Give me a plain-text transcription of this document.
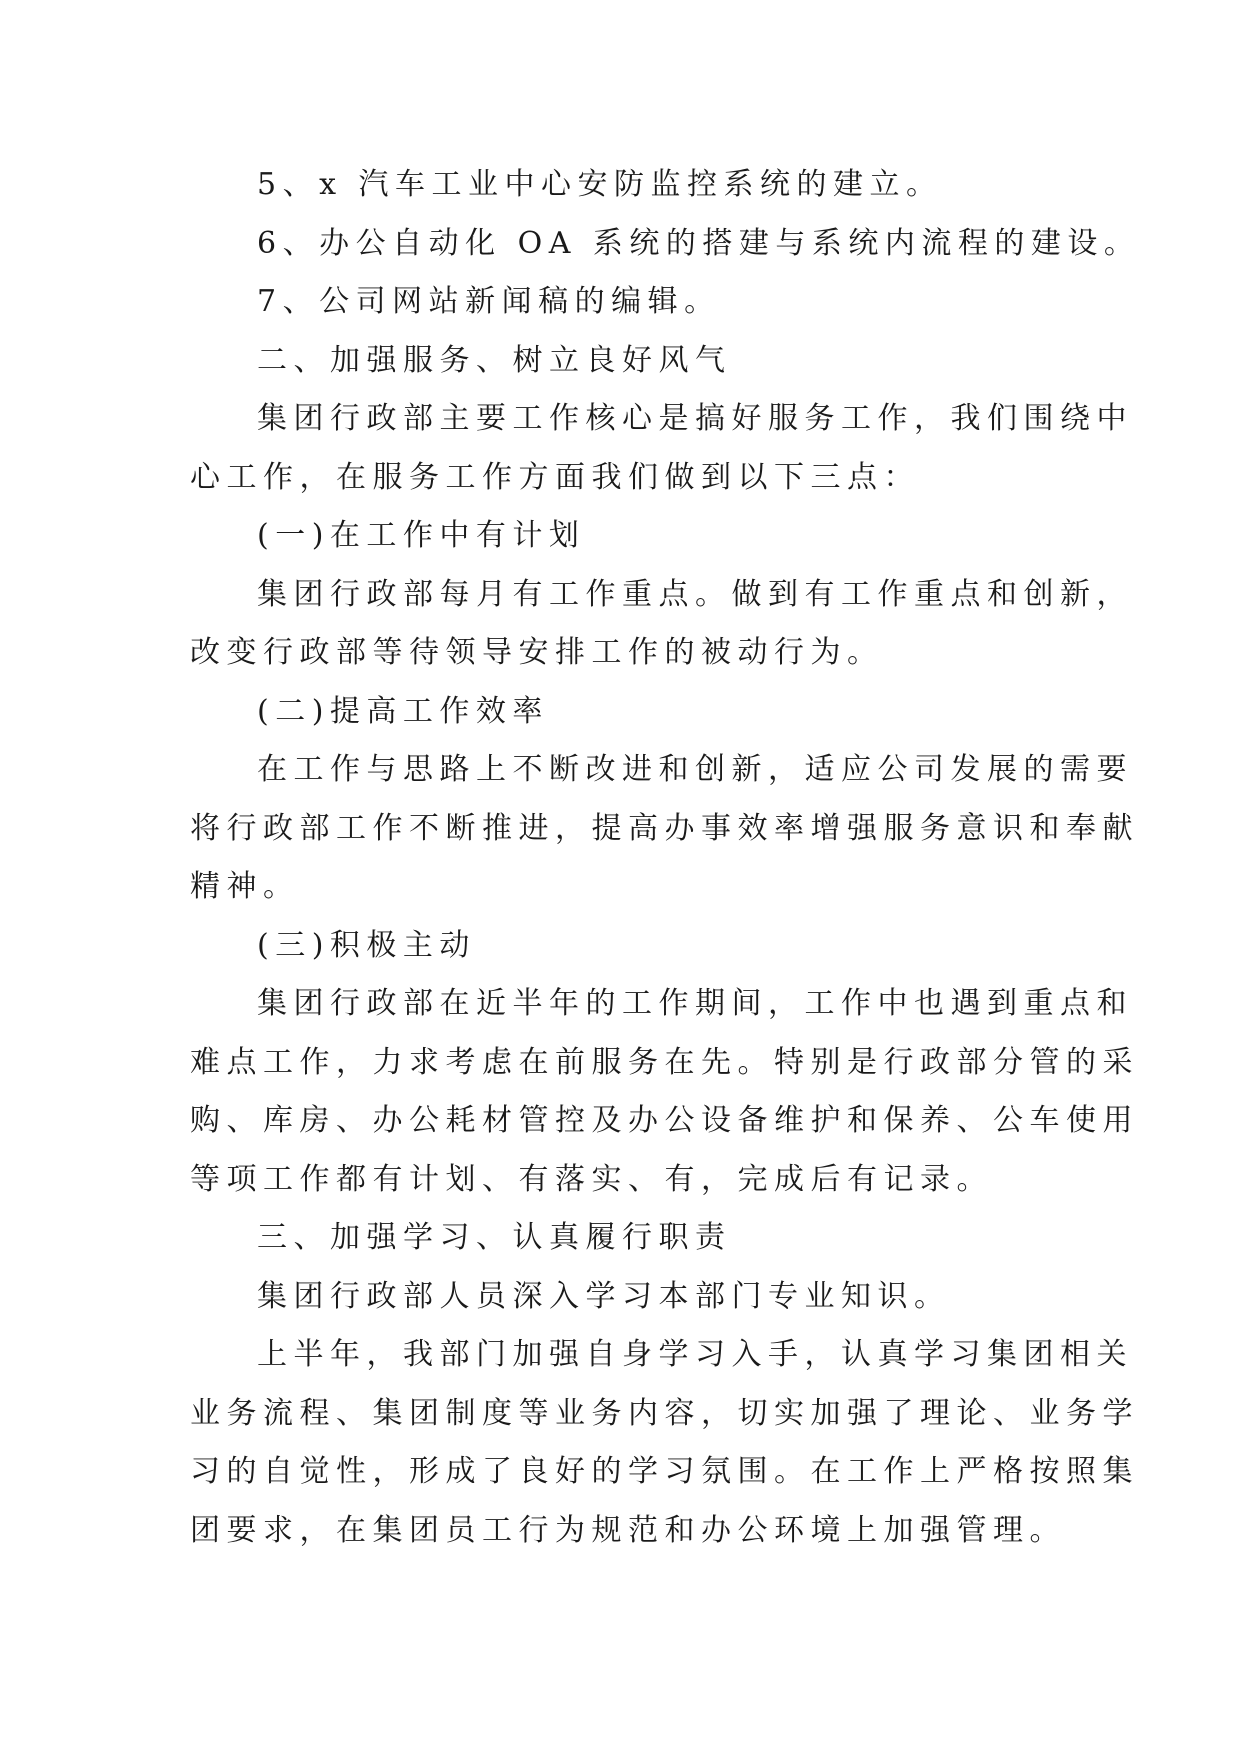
5、x 汽车工业中心安防监控系统的建立。
6、办公自动化 OA 系统的搭建与系统内流程的建设。
7、公司网站新闻稿的编辑。
二、加强服务、树立良好风气
集团行政部主要工作核心是搞好服务工作，我们围绕中
心工作，在服务工作方面我们做到以下三点：
(一)在工作中有计划
集团行政部每月有工作重点。做到有工作重点和创新，
改变行政部等待领导安排工作的被动行为。
(二)提高工作效率
在工作与思路上不断改进和创新，适应公司发展的需要
将行政部工作不断推进，提高办事效率增强服务意识和奉献
精神。
(三)积极主动
集团行政部在近半年的工作期间，工作中也遇到重点和
难点工作，力求考虑在前服务在先。特别是行政部分管的采
购、库房、办公耗材管控及办公设备维护和保养、公车使用
等项工作都有计划、有落实、有，完成后有记录。
三、加强学习、认真履行职责
集团行政部人员深入学习本部门专业知识。
上半年，我部门加强自身学习入手，认真学习集团相关
业务流程、集团制度等业务内容，切实加强了理论、业务学
习的自觉性，形成了良好的学习氛围。在工作上严格按照集
团要求，在集团员工行为规范和办公环境上加强管理。
